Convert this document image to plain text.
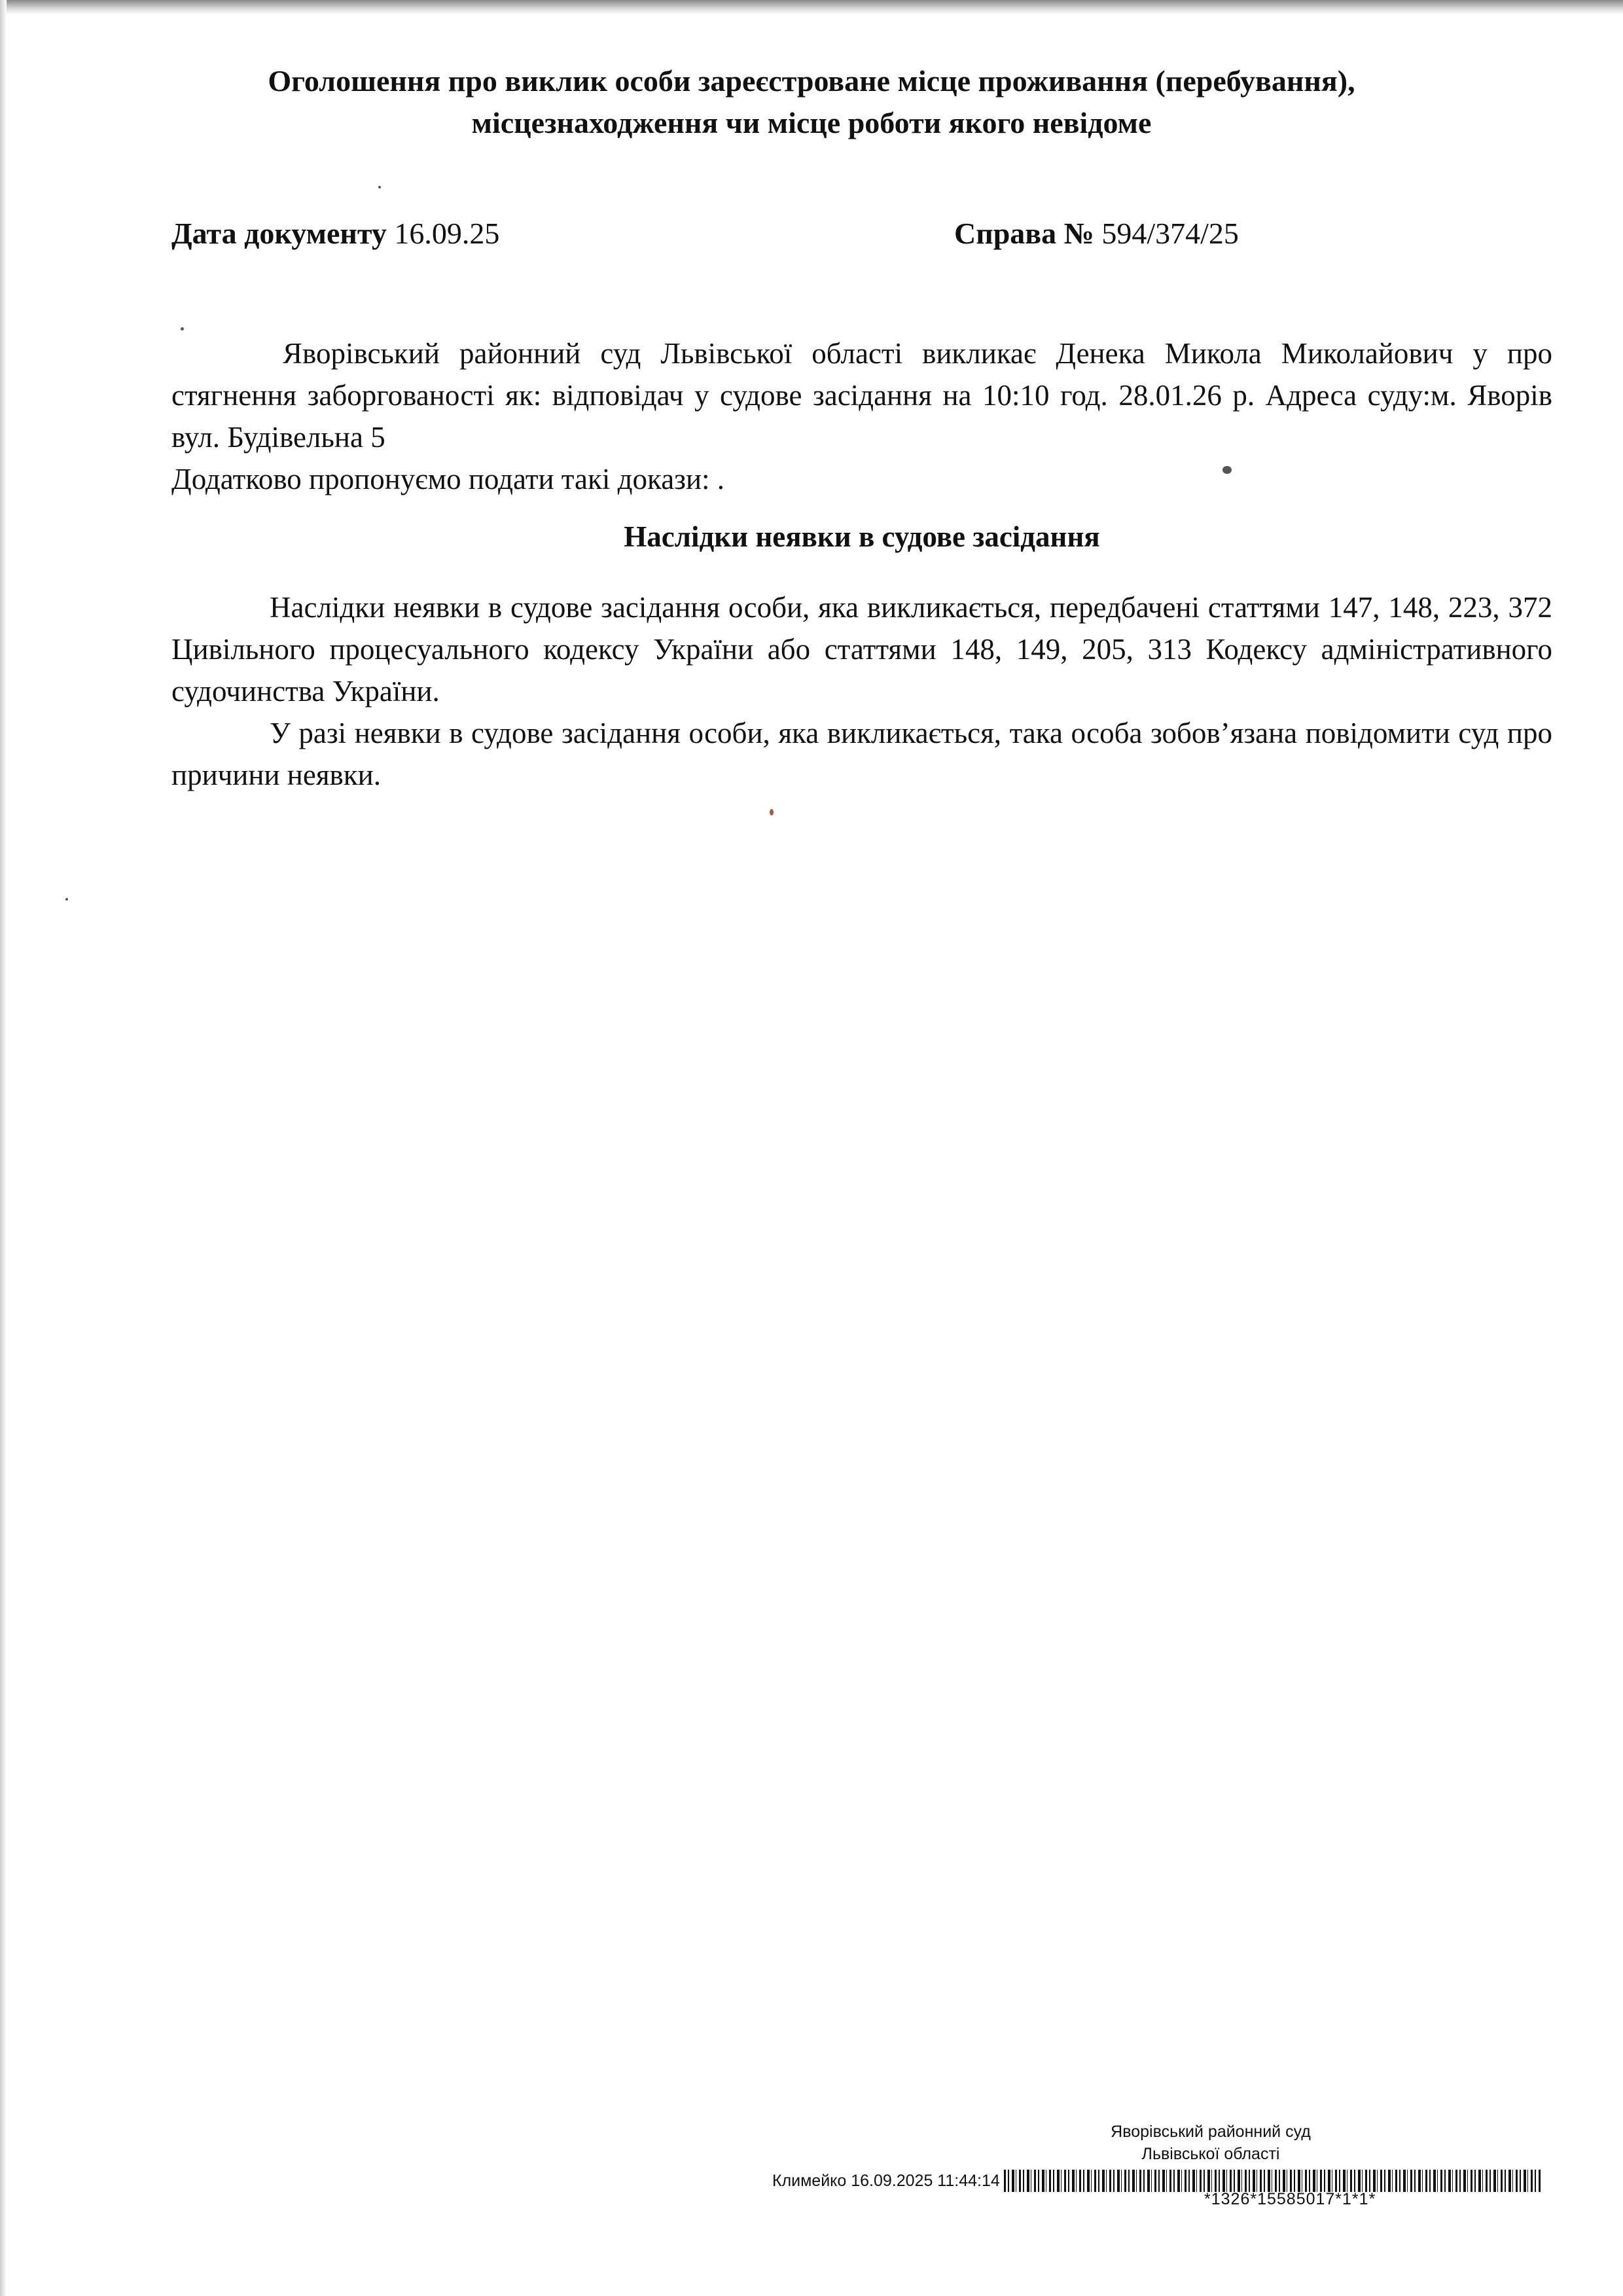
Оголошення про виклик особи зареєстроване місце проживання (перебування),
місцезнаходження чи місце роботи якого невідоме
Дата документу 16.09.25	Справа № 594/374/25

Яворівський районний суд Львівської області викликає Денека Микола Миколайович у про стягнення заборгованості як: відповідач у судове засідання на 10:10 год. 28.01.26 р. Адреса суду:м. Яворів вул. Будівельна 5

Додатково пропонуємо подати такі докази: .

Наслідки неявки в судове засідання

Наслідки неявки в судове засідання особи, яка викликається, передбачені статтями 147, 148, 223, 372 Цивільного процесуального кодексу України або статтями 148, 149, 205, 313 Кодексу адміністративного судочинства України.

У разі неявки в судове засідання особи, яка викликається, така особа зобов’язана повідомити суд про причини неявки.

Яворівський районний суд
Львівської області
Климейко 16.09.2025 11:44:14
*1326*15585017*1*1*
